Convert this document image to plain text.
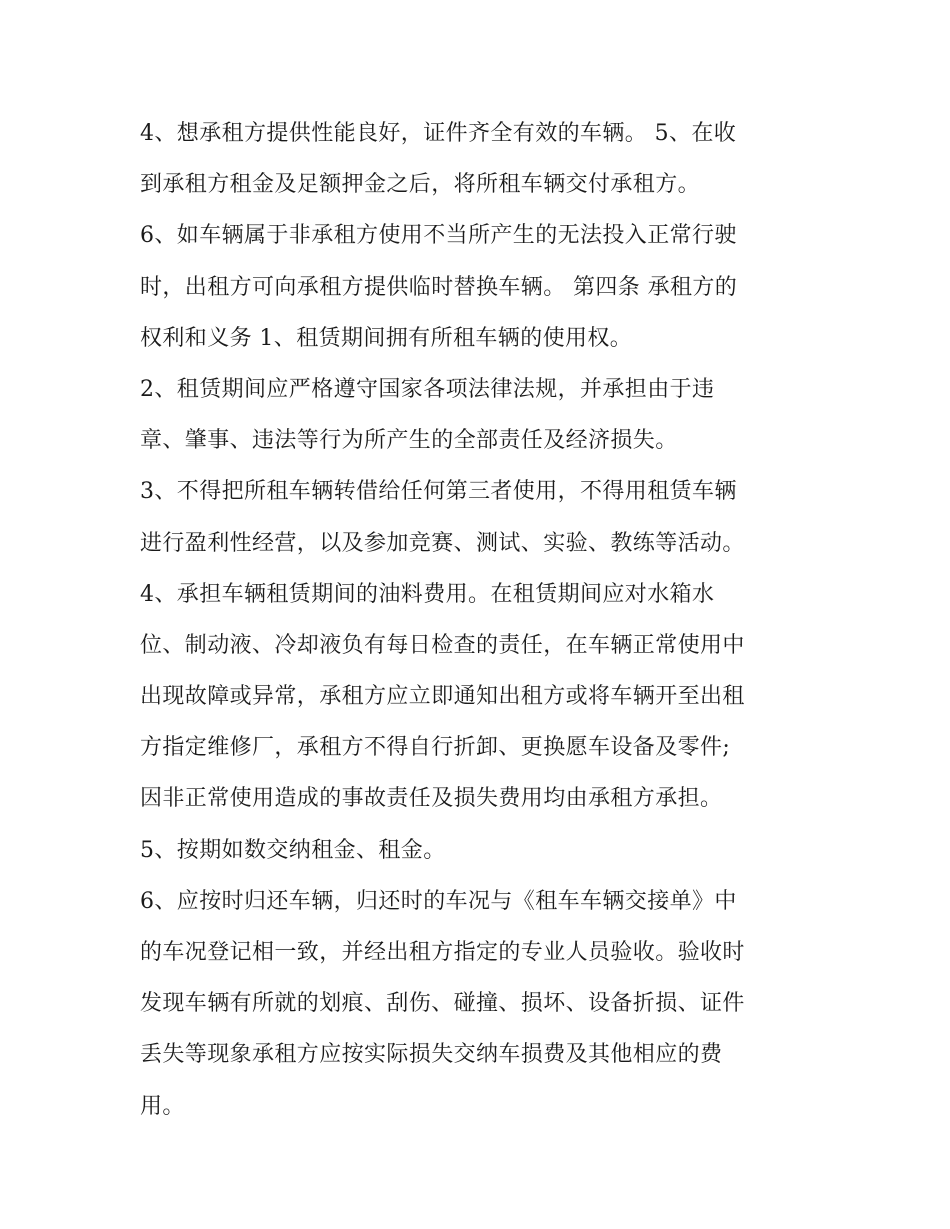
4、想承租方提供性能良好，证件齐全有效的车辆。 5、在收
到承租方租金及足额押金之后，将所租车辆交付承租方。
6、如车辆属于非承租方使用不当所产生的无法投入正常行驶
时，出租方可向承租方提供临时替换车辆。 第四条 承租方的
权利和义务 1、租赁期间拥有所租车辆的使用权。
2、租赁期间应严格遵守国家各项法律法规，并承担由于违
章、肇事、违法等行为所产生的全部责任及经济损失。
3、不得把所租车辆转借给任何第三者使用，不得用租赁车辆
进行盈利性经营，以及参加竞赛、测试、实验、教练等活动。
4、承担车辆租赁期间的油料费用。在租赁期间应对水箱水
位、制动液、冷却液负有每日检查的责任，在车辆正常使用中
出现故障或异常，承租方应立即通知出租方或将车辆开至出租
方指定维修厂，承租方不得自行折卸、更换愿车设备及零件;
因非正常使用造成的事故责任及损失费用均由承租方承担。
5、按期如数交纳租金、租金。
6、应按时归还车辆，归还时的车况与《租车车辆交接单》中
的车况登记相一致，并经出租方指定的专业人员验收。验收时
发现车辆有所就的划痕、刮伤、碰撞、损坏、设备折损、证件
丢失等现象承租方应按实际损失交纳车损费及其他相应的费
用。
